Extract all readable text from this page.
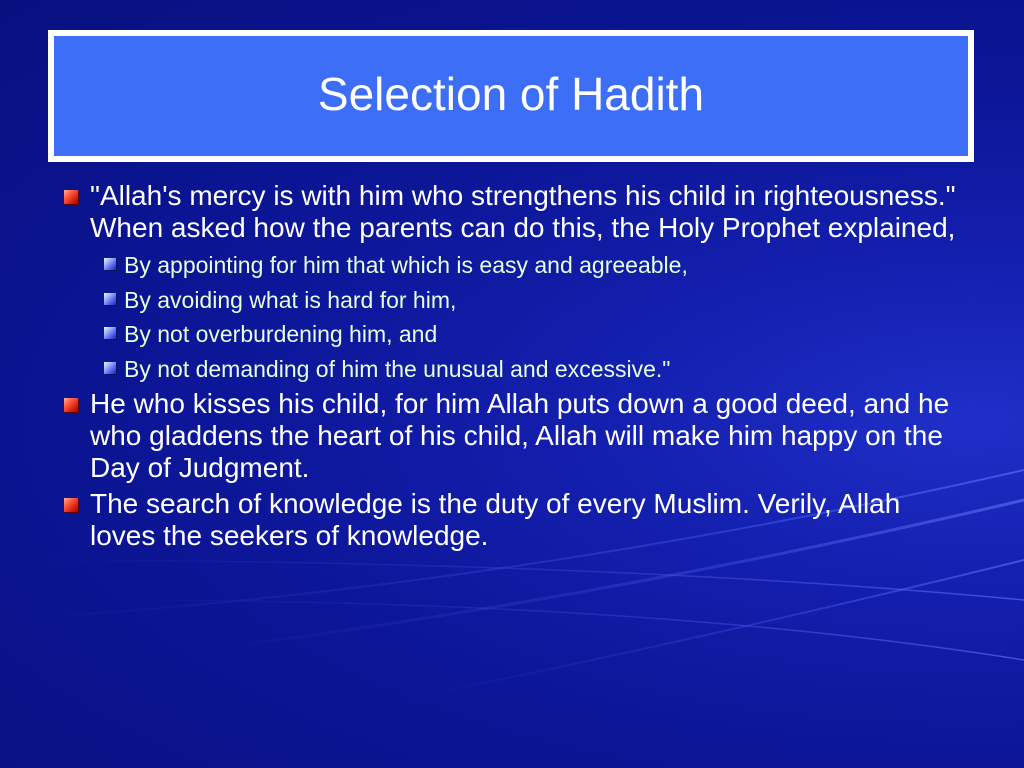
Selection of Hadith
"Allah's mercy is with him who strengthens his child in righteousness." When asked how the parents can do this, the Holy Prophet explained,
By appointing for him that which is easy and agreeable,
By avoiding what is hard for him,
By not overburdening him, and
By not demanding of him the unusual and excessive."
He who kisses his child, for him Allah puts down a good deed, and he who gladdens the heart of his child, Allah will make him happy on the Day of Judgment.
The search of knowledge is the duty of every Muslim. Verily, Allah loves the seekers of knowledge.
